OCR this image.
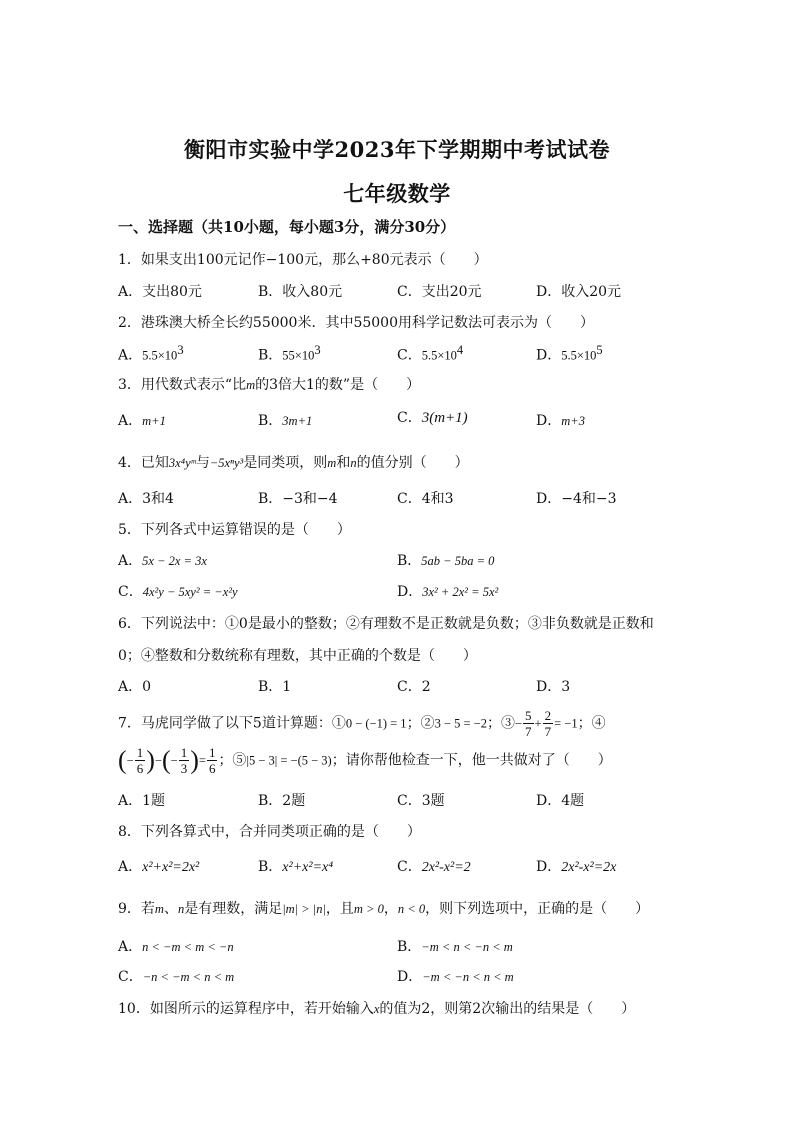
衡阳市实验中学2023年下学期期中考试试卷
七年级数学
一、选择题（共10小题，每小题3分，满分30分）
1．如果支出100元记作−100元，那么+80元表示（　　）
A．支出80元	B．收入80元	C．支出20元	D．收入20元
2．港珠澳大桥全长约55000米．其中55000用科学记数法可表示为（　　）
A．$5.5\times 10^3$	B．$55\times 10^3$	C．$5.5\times 10^4$	D．$5.5\times 10^5$
3．用代数式表示“比m的3倍大1的数”是（　　）
A．m+1	B．3m+1	C．3(m+1)	D．m+3
4．已知3x⁴yᵐ与−5xⁿy³是同类项，则m和n的值分别（　　）
A．3和4	B．−3和−4	C．4和3	D．−4和−3
5．下列各式中运算错误的是（　　）
A．5x − 2x = 3x	B．5ab − 5ba = 0
C．4x²y − 5xy² = −x²y	D．3x² + 2x² = 5x²
6．下列说法中：①0是最小的整数；②有理数不是正数就是负数；③非负数就是正数和
0；④整数和分数统称有理数，其中正确的个数是（　　）
A．0	B．1	C．2	D．3
7．马虎同学做了以下5道计算题：①0 − (−1) = 1；②3 − 5 = −2；③− $\frac{5}{7} + \frac{2}{7} = -1$；④
(− $\frac{1}{6}$ )−(− $\frac{1}{3}$ )= $\frac{1}{6}$ ；⑤|5 − 3| = −(5 − 3)；请你帮他检查一下，他一共做对了（　　）
A．1题	B．2题	C．3题	D．4题
8．下列各算式中，合并同类项正确的是（　　）
A．x²+x²=2x²	B．x²+x²=x⁴	C．2x²-x²=2	D．2x²-x²=2x
9．若m、n是有理数，满足|m| > |n|，且m > 0，n < 0，则下列选项中，正确的是（　　）
A．n < −m < m < −n	B．−m < n < −n < m
C．−n < −m < n < m	D．−m < −n < n < m
10．如图所示的运算程序中，若开始输入x的值为2，则第2次输出的结果是（　　）
